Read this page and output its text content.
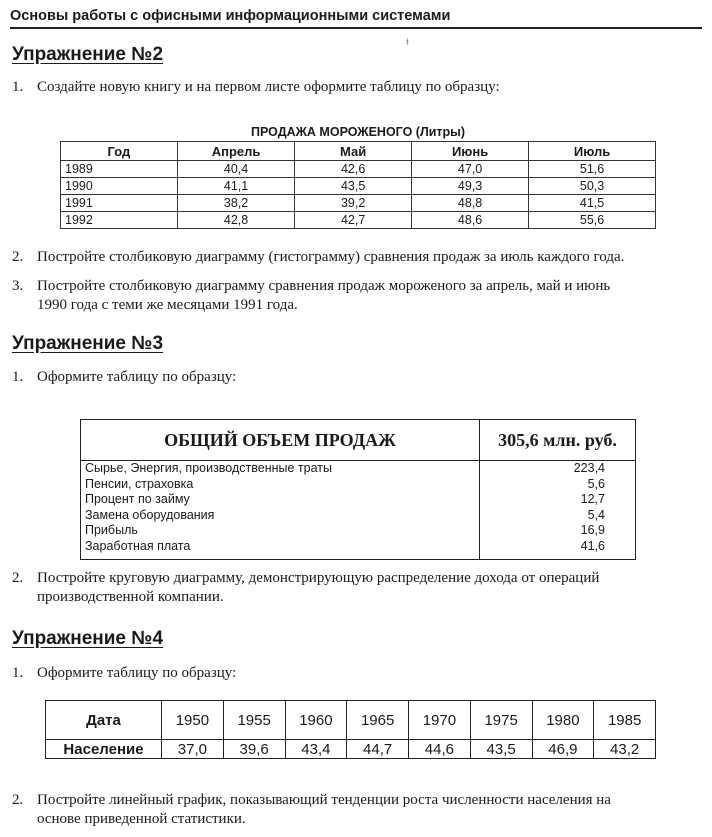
Основы работы с офисными информационными системами
ǂ
Упражнение №2
1. Создайте новую книгу и на первом листе оформите таблицу по образцу:
ПРОДАЖА МОРОЖЕНОГО (Литры)
Год	Апрель	Май	Июнь	Июль
1989	40,4	42,6	47,0	51,6
1990	41,1	43,5	49,3	50,3
1991	38,2	39,2	48,8	41,5
1992	42,8	42,7	48,6	55,6
2. Постройте столбиковую диаграмму (гистограмму) сравнения продаж за июль каждого года.
3. Постройте столбиковую диаграмму сравнения продаж мороженого за апрель, май и июнь
1990 года с теми же месяцами 1991 года.
Упражнение №3
1. Оформите таблицу по образцу:
ОБЩИЙ ОБЪЕМ ПРОДАЖ	305,6 млн. руб.
Сырье, Энергия, производственные траты	223,4
Пенсии, страховка	5,6
Процент по займу	12,7
Замена оборудования	5,4
Прибыль	16,9
Заработная плата	41,6

2. Постройте круговую диаграмму, демонстрирующую распределение дохода от операций
производственной компании.
Упражнение №4
1. Оформите таблицу по образцу:
Дата	1950	1955	1960	1965	1970	1975	1980	1985
Население	37,0	39,6	43,4	44,7	44,6	43,5	46,9	43,2
2. Постройте линейный график, показывающий тенденции роста численности населения на
основе приведенной статистики.
